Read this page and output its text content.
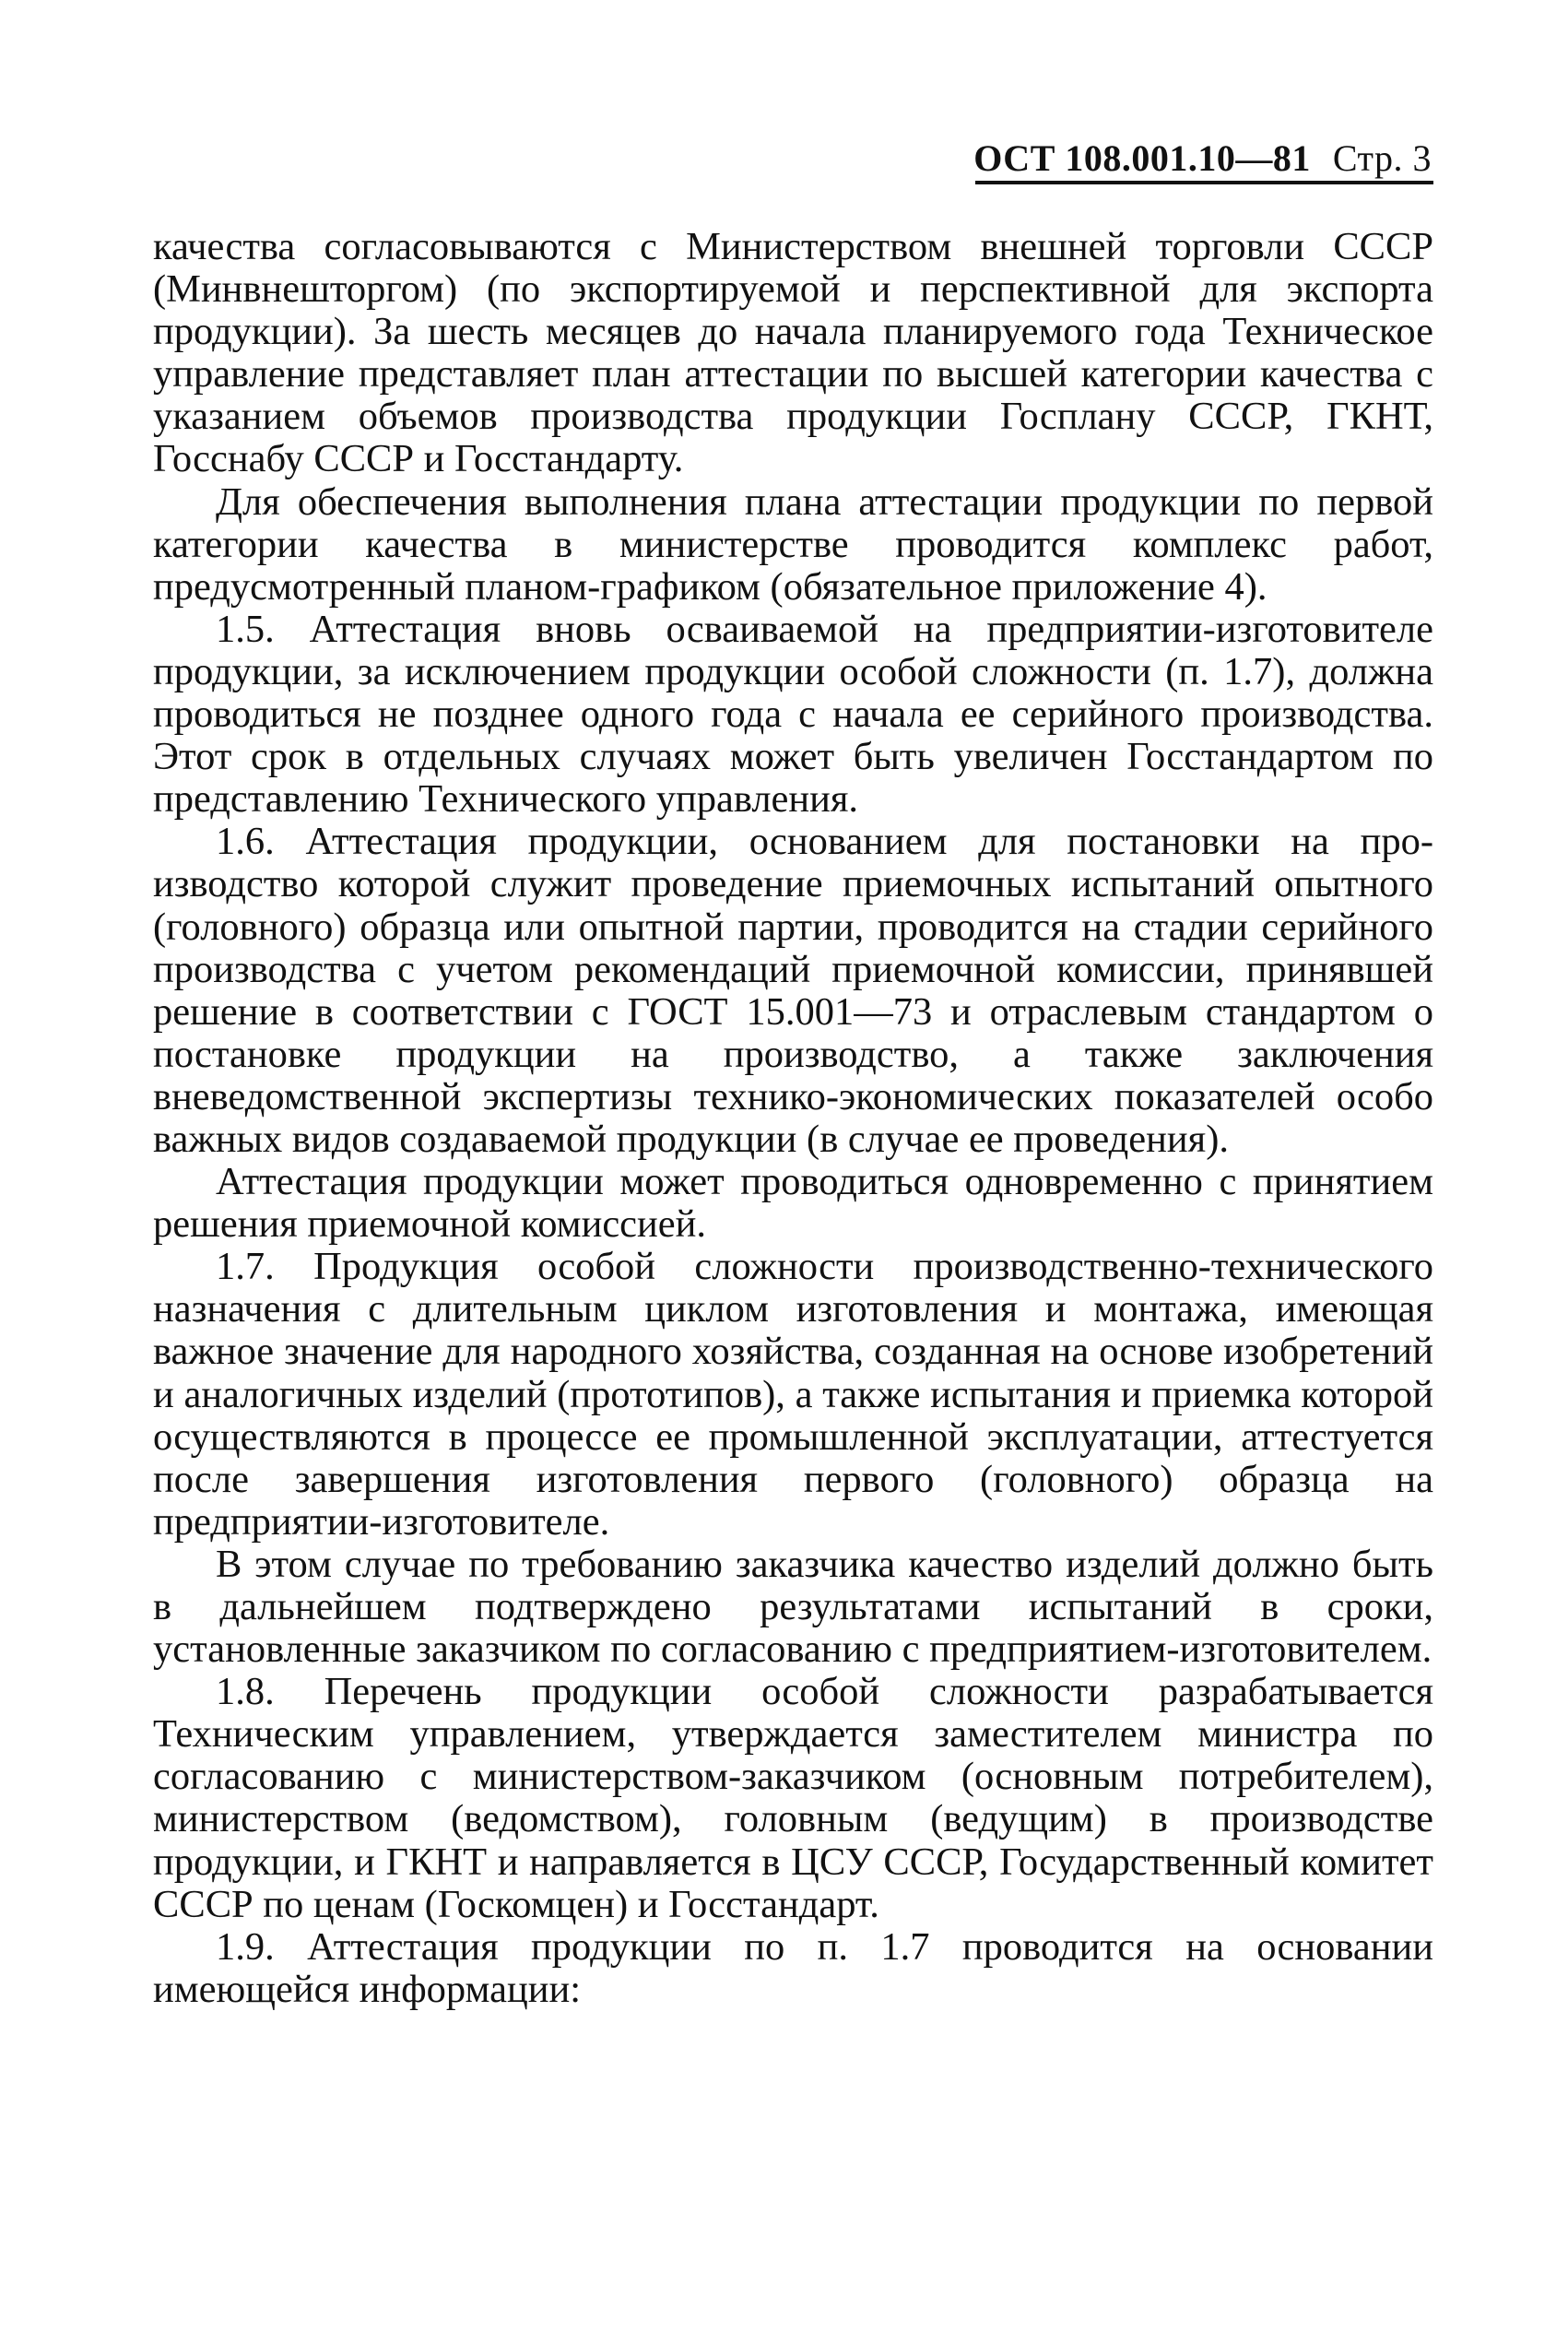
ОСТ 108.001.10—81 Стр. 3

качества согласовываются с Министерством внешней торговли СССР (Минвнешторгом) (по экспортируемой и перспективной для экспорта продукции). За шесть месяцев до начала планируемого года Техническое управление представляет план аттестации по высшей категории качества с указанием объемов производства продукции Госплану СССР, ГКНТ, Госснабу СССР и Госстандарту.

Для обеспечения выполнения плана аттестации продукции по первой категории качества в министерстве проводится комплекс работ, предусмотренный планом-графиком (обязательное приложение 4).

1.5. Аттестация вновь осваиваемой на предприятии-изготовителе продукции, за исключением продукции особой сложности (п. 1.7), должна проводиться не позднее одного года с начала ее серийного производства. Этот срок в отдельных случаях может быть увеличен Госстандартом по представлению Технического управления.

1.6. Аттестация продукции, основанием для постановки на производство которой служит проведение приемочных испытаний опытного (головного) образца или опытной партии, проводится на стадии серийного производства с учетом рекомендаций приемочной комиссии, принявшей решение в соответствии с ГОСТ 15.001—73 и отраслевым стандартом о постановке продукции на производство, а также заключения вневедомственной экспертизы технико-экономических показателей особо важных видов создаваемой продукции (в случае ее проведения).

Аттестация продукции может проводиться одновременно с принятием решения приемочной комиссией.

1.7. Продукция особой сложности производственно-технического назначения с длительным циклом изготовления и монтажа, имеющая важное значение для народного хозяйства, созданная на основе изобретений и аналогичных изделий (прототипов), а также испытания и приемка которой осуществляются в процессе ее промышленной эксплуатации, аттестуется после завершения изготовления первого (головного) образца на предприятии-изготовителе.

В этом случае по требованию заказчика качество изделий должно быть в дальнейшем подтверждено результатами испытаний в сроки, установленные заказчиком по согласованию с предприятием-изготовителем.

1.8. Перечень продукции особой сложности разрабатывается Техническим управлением, утверждается заместителем министра по согласованию с министерством-заказчиком (основным потребителем), министерством (ведомством), головным (ведущим) в производстве продукции, и ГКНТ и направляется в ЦСУ СССР, Государственный комитет СССР по ценам (Госкомцен) и Госстандарт.

1.9. Аттестация продукции по п. 1.7 проводится на основании имеющейся информации:
